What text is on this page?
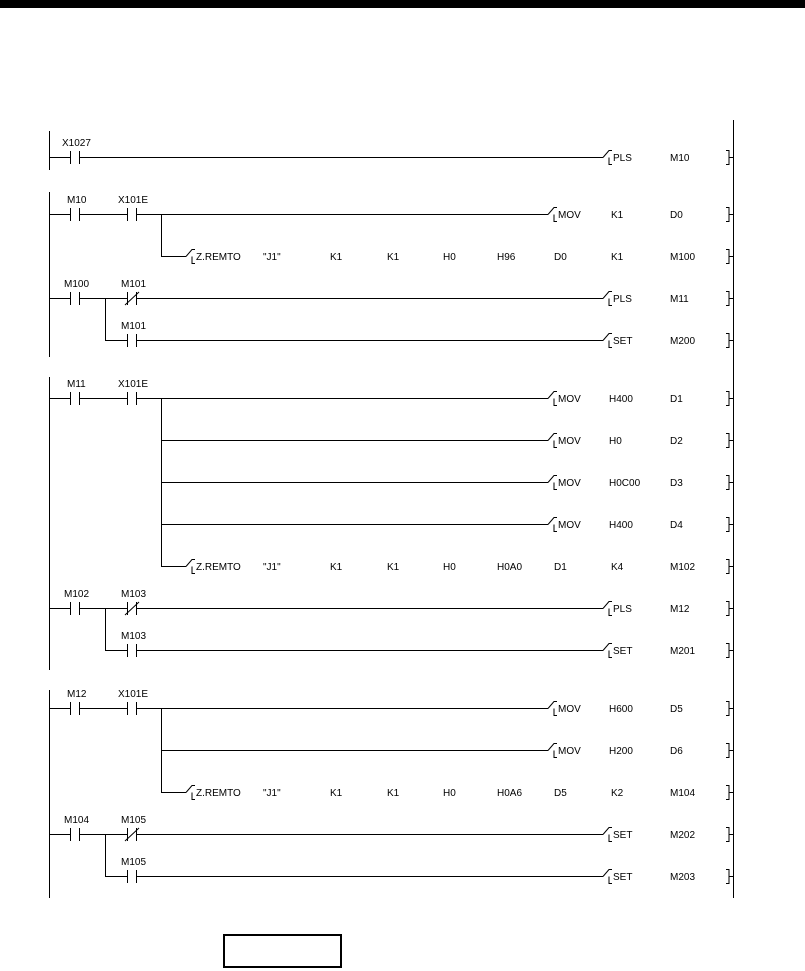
X1027
PLS	M10
M10	X101E
MOV	K1	D0
Z.REMTO "J1"	K1	K1	H0	H96	D0	K1	M100
M100	M101
PLS	M11
M101
SET	M200
M11	X101E
MOV	H400	D1
MOV	H0	D2
MOV	H0C00	D3
MOV	H400	D4
Z.REMTO "J1"	K1	K1	H0	H0A0	D1	K4	M102
M102	M103
PLS	M12
M103
SET	M201
M12	X101E
MOV	H600	D5
MOV	H200	D6
Z.REMTO "J1"	K1	K1	H0	H0A6	D5	K2	M104
M104	M105
SET	M202
M105
SET	M203
